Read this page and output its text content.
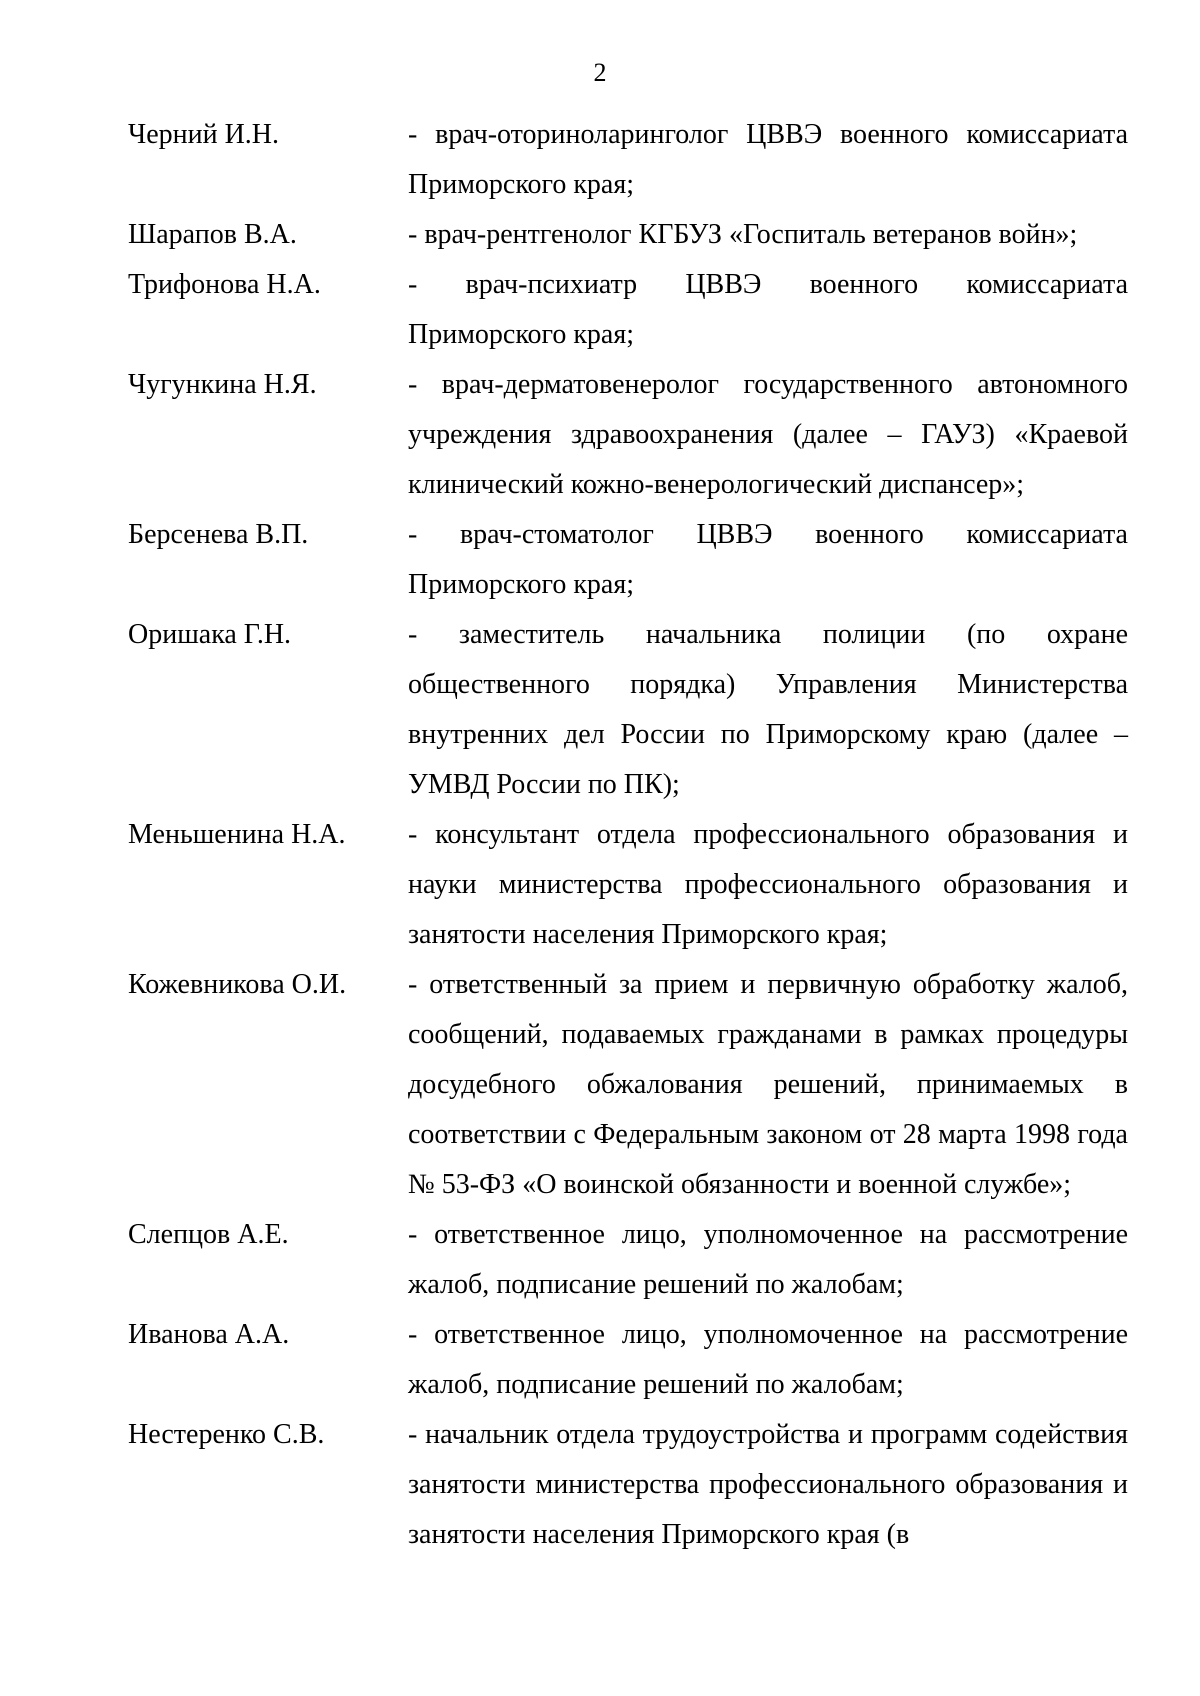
2
Черний И.Н.	- врач-оториноларинголог ЦВВЭ военного комиссариата Приморского края;
Шарапов В.А.	- врач-рентгенолог КГБУЗ «Госпиталь ветеранов войн»;
Трифонова Н.А.	- врач-психиатр ЦВВЭ военного комиссариата Приморского края;
Чугункина Н.Я.	- врач-дерматовенеролог государственного автономного учреждения здравоохранения (далее – ГАУЗ) «Краевой клинический кожно-венерологический диспансер»;
Берсенева В.П.	- врач-стоматолог ЦВВЭ военного комиссариата Приморского края;
Оришака Г.Н.	- заместитель начальника полиции (по охране общественного порядка) Управления Министерства внутренних дел России по Приморскому краю (далее – УМВД России по ПК);
Меньшенина Н.А.	- консультант отдела профессионального образования и науки министерства профессионального образования и занятости населения Приморского края;
Кожевникова О.И.	- ответственный за прием и первичную обработку жалоб, сообщений, подаваемых гражданами в рамках процедуры досудебного обжалования решений, принимаемых в соответствии с Федеральным законом от 28 марта 1998 года № 53-ФЗ «О воинской обязанности и военной службе»;
Слепцов А.Е.	- ответственное лицо, уполномоченное на рассмотрение жалоб, подписание решений по жалобам;
Иванова А.А.	- ответственное лицо, уполномоченное на рассмотрение жалоб, подписание решений по жалобам;
Нестеренко С.В.	- начальник отдела трудоустройства и программ содействия занятости министерства профессионального образования и занятости населения Приморского края (в
